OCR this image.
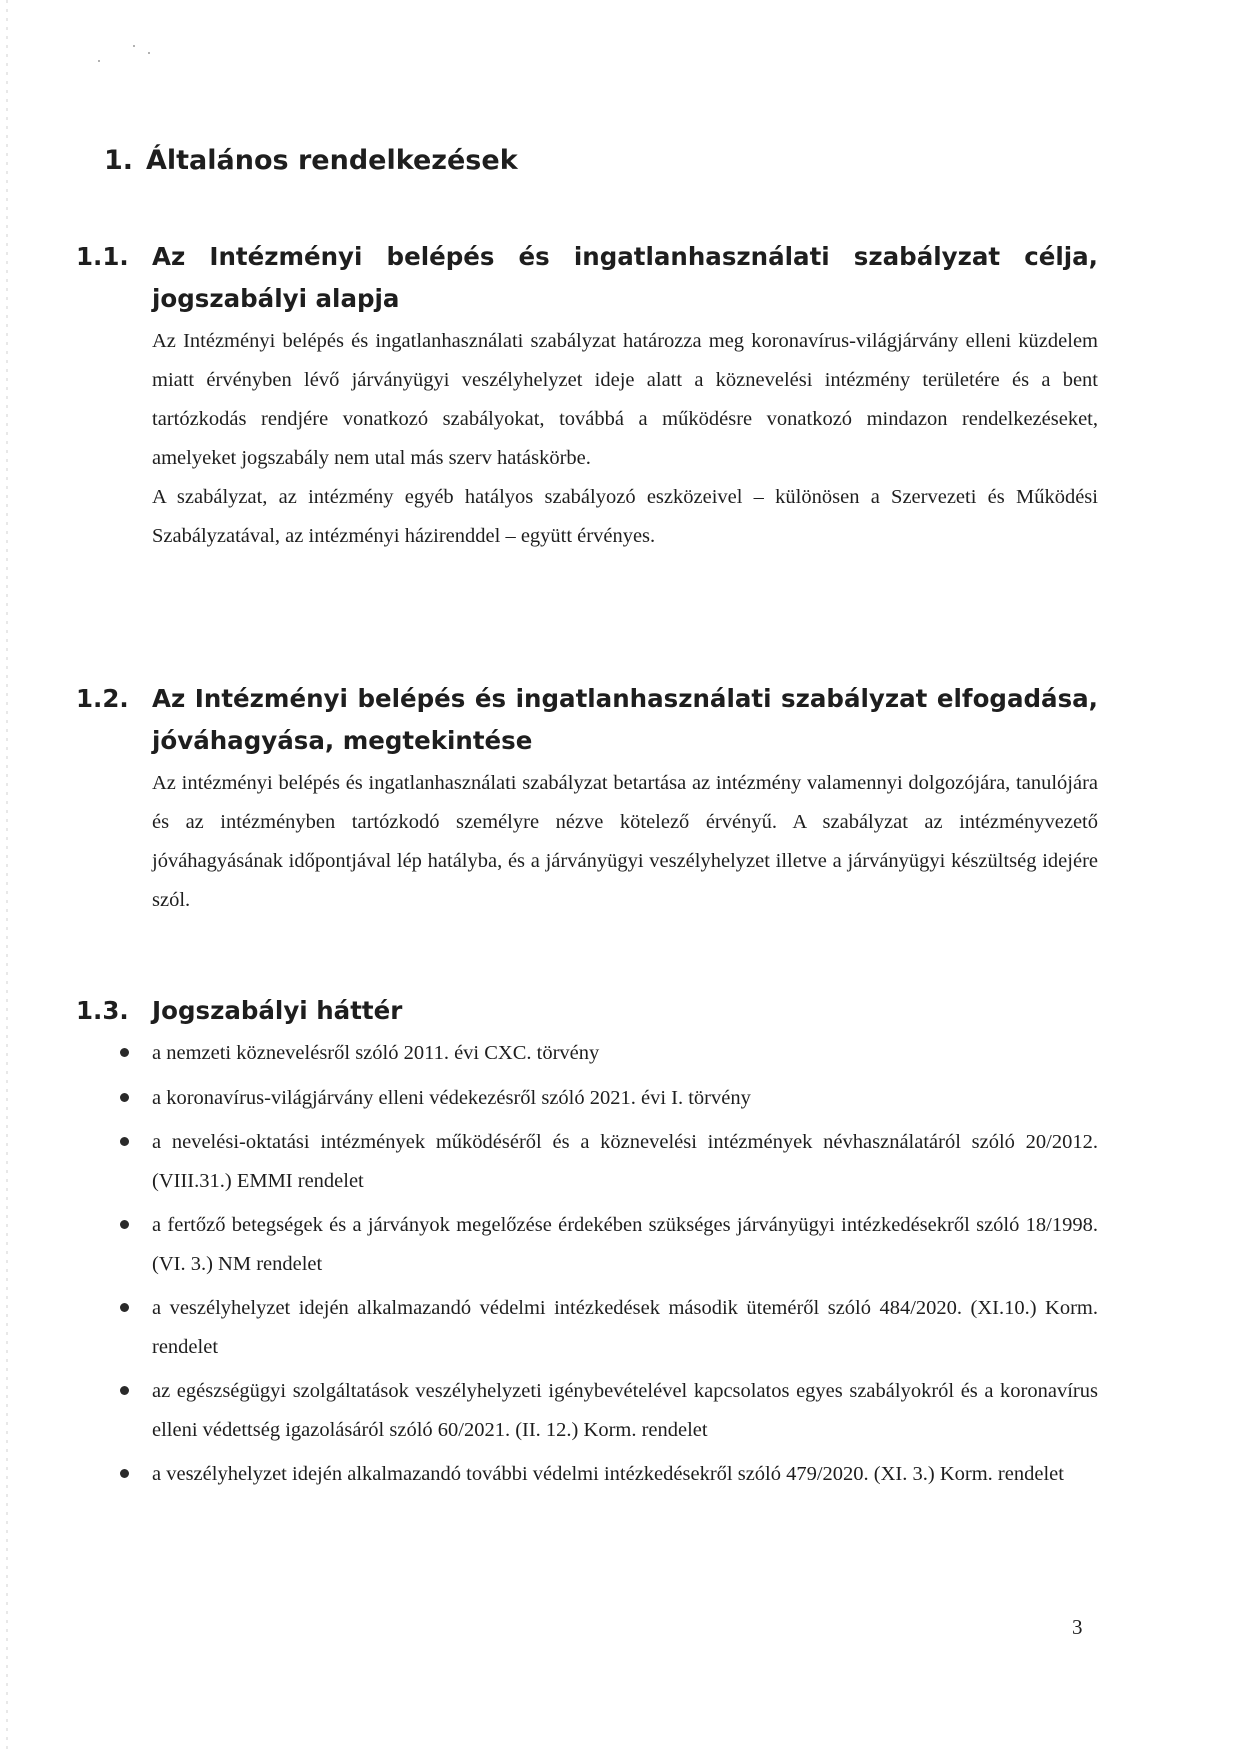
1. Általános rendelkezések
1.1. Az Intézményi belépés és ingatlanhasználati szabályzat célja, jogszabályi alapja

Az Intézményi belépés és ingatlanhasználati szabályzat határozza meg koronavírus-világjárvány elleni küzdelem miatt érvényben lévő járványügyi veszélyhelyzet ideje alatt a köznevelési intézmény területére és a bent tartózkodás rendjére vonatkozó szabályokat, továbbá a működésre vonatkozó mindazon rendelkezéseket, amelyeket jogszabály nem utal más szerv hatáskörbe.

A szabályzat, az intézmény egyéb hatályos szabályozó eszközeivel – különösen a Szervezeti és Működési Szabályzatával, az intézményi házirenddel – együtt érvényes.

1.2. Az Intézményi belépés és ingatlanhasználati szabályzat elfogadása, jóváhagyása, megtekintése

Az intézményi belépés és ingatlanhasználati szabályzat betartása az intézmény valamennyi dolgozójára, tanulójára és az intézményben tartózkodó személyre nézve kötelező érvényű. A szabályzat az intézményvezető jóváhagyásának időpontjával lép hatályba, és a járványügyi veszélyhelyzet illetve a járványügyi készültség idejére szól.

1.3. Jogszabályi háttér
a nemzeti köznevelésről szóló 2011. évi CXC. törvény
a koronavírus-világjárvány elleni védekezésről szóló 2021. évi I. törvény
a nevelési-oktatási intézmények működéséről és a köznevelési intézmények névhasználatáról szóló 20/2012. (VIII.31.) EMMI rendelet
a fertőző betegségek és a járványok megelőzése érdekében szükséges járványügyi intézkedésekről szóló 18/1998. (VI. 3.) NM rendelet
a veszélyhelyzet idején alkalmazandó védelmi intézkedések második üteméről szóló 484/2020. (XI.10.) Korm. rendelet
az egészségügyi szolgáltatások veszélyhelyzeti igénybevételével kapcsolatos egyes szabályokról és a koronavírus elleni védettség igazolásáról szóló 60/2021. (II. 12.) Korm. rendelet
a veszélyhelyzet idején alkalmazandó további védelmi intézkedésekről szóló 479/2020. (XI. 3.) Korm. rendelet

3
